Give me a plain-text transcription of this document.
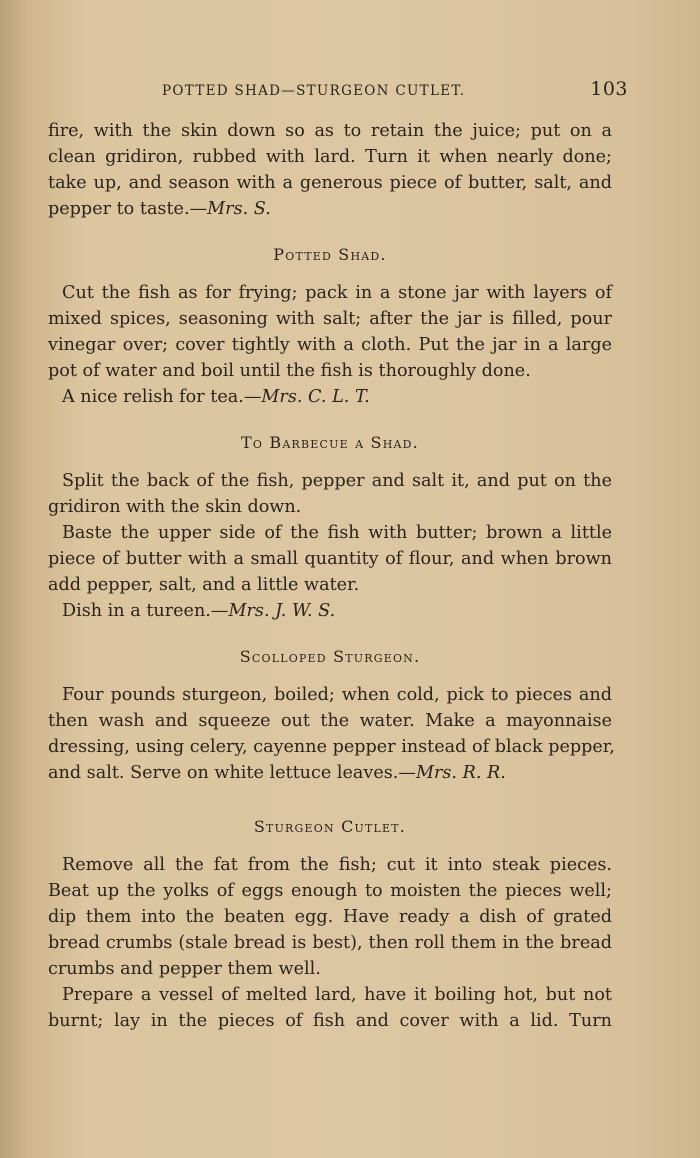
POTTED SHAD—STURGEON CUTLET.	103
fire, with the skin down so as to retain the juice; put on a
clean gridiron, rubbed with lard. Turn it when nearly done;
take up, and season with a generous piece of butter, salt, and
pepper to taste.—Mrs. S.
Potted Shad.
Cut the fish as for frying; pack in a stone jar with layers of
mixed spices, seasoning with salt; after the jar is filled, pour
vinegar over; cover tightly with a cloth. Put the jar in a large
pot of water and boil until the fish is thoroughly done.
A nice relish for tea.—Mrs. C. L. T.
To Barbecue a Shad.
Split the back of the fish, pepper and salt it, and put on the
gridiron with the skin down.
Baste the upper side of the fish with butter; brown a little
piece of butter with a small quantity of flour, and when brown
add pepper, salt, and a little water.
Dish in a tureen.—Mrs. J. W. S.
Scolloped Sturgeon.
Four pounds sturgeon, boiled; when cold, pick to pieces and
then wash and squeeze out the water. Make a mayonnaise
dressing, using celery, cayenne pepper instead of black pepper,
and salt. Serve on white lettuce leaves.—Mrs. R. R.
Sturgeon Cutlet.
Remove all the fat from the fish; cut it into steak pieces.
Beat up the yolks of eggs enough to moisten the pieces well;
dip them into the beaten egg. Have ready a dish of grated
bread crumbs (stale bread is best), then roll them in the bread
crumbs and pepper them well.
Prepare a vessel of melted lard, have it boiling hot, but not
burnt; lay in the pieces of fish and cover with a lid. Turn
